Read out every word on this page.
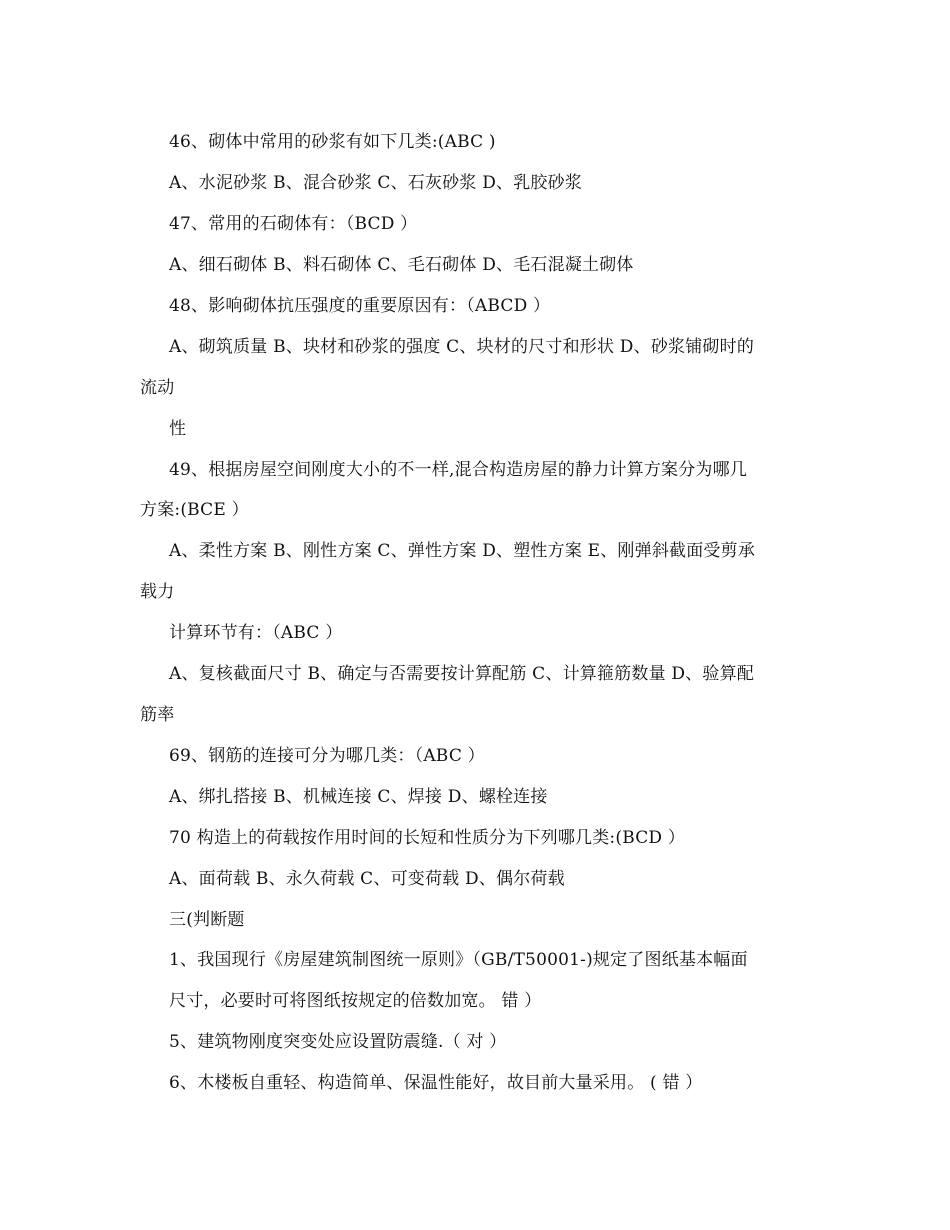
46、砌体中常用的砂浆有如下几类:(ABC )
A、水泥砂浆 B、混合砂浆 C、石灰砂浆 D、乳胶砂浆
47、常用的石砌体有：（BCD ）
A、细石砌体 B、料石砌体 C、毛石砌体 D、毛石混凝土砌体
48、影响砌体抗压强度的重要原因有：（ABCD ）
A、砌筑质量 B、块材和砂浆的强度 C、块材的尺寸和形状 D、砂浆铺砌时的
流动
性
49、根据房屋空间刚度大小的不一样,混合构造房屋的静力计算方案分为哪几
方案:(BCE ）
A、柔性方案 B、刚性方案 C、弹性方案 D、塑性方案 E、刚弹斜截面受剪承
载力
计算环节有：（ABC ）
A、复核截面尺寸 B、确定与否需要按计算配筋 C、计算箍筋数量 D、验算配
筋率
69、钢筋的连接可分为哪几类：（ABC ）
A、绑扎搭接 B、机械连接 C、焊接 D、螺栓连接
70 构造上的荷载按作用时间的长短和性质分为下列哪几类:(BCD ）
A、面荷载 B、永久荷载 C、可变荷载 D、偶尔荷载
三(判断题
1、我国现行《房屋建筑制图统一原则》（GB/T50001-)规定了图纸基本幅面
尺寸，必要时可将图纸按规定的倍数加宽。 错 ）
5、建筑物刚度突变处应设置防震缝.（ 对 ）
6、木楼板自重轻、构造简单、保温性能好，故目前大量采用。 ( 错 ）
